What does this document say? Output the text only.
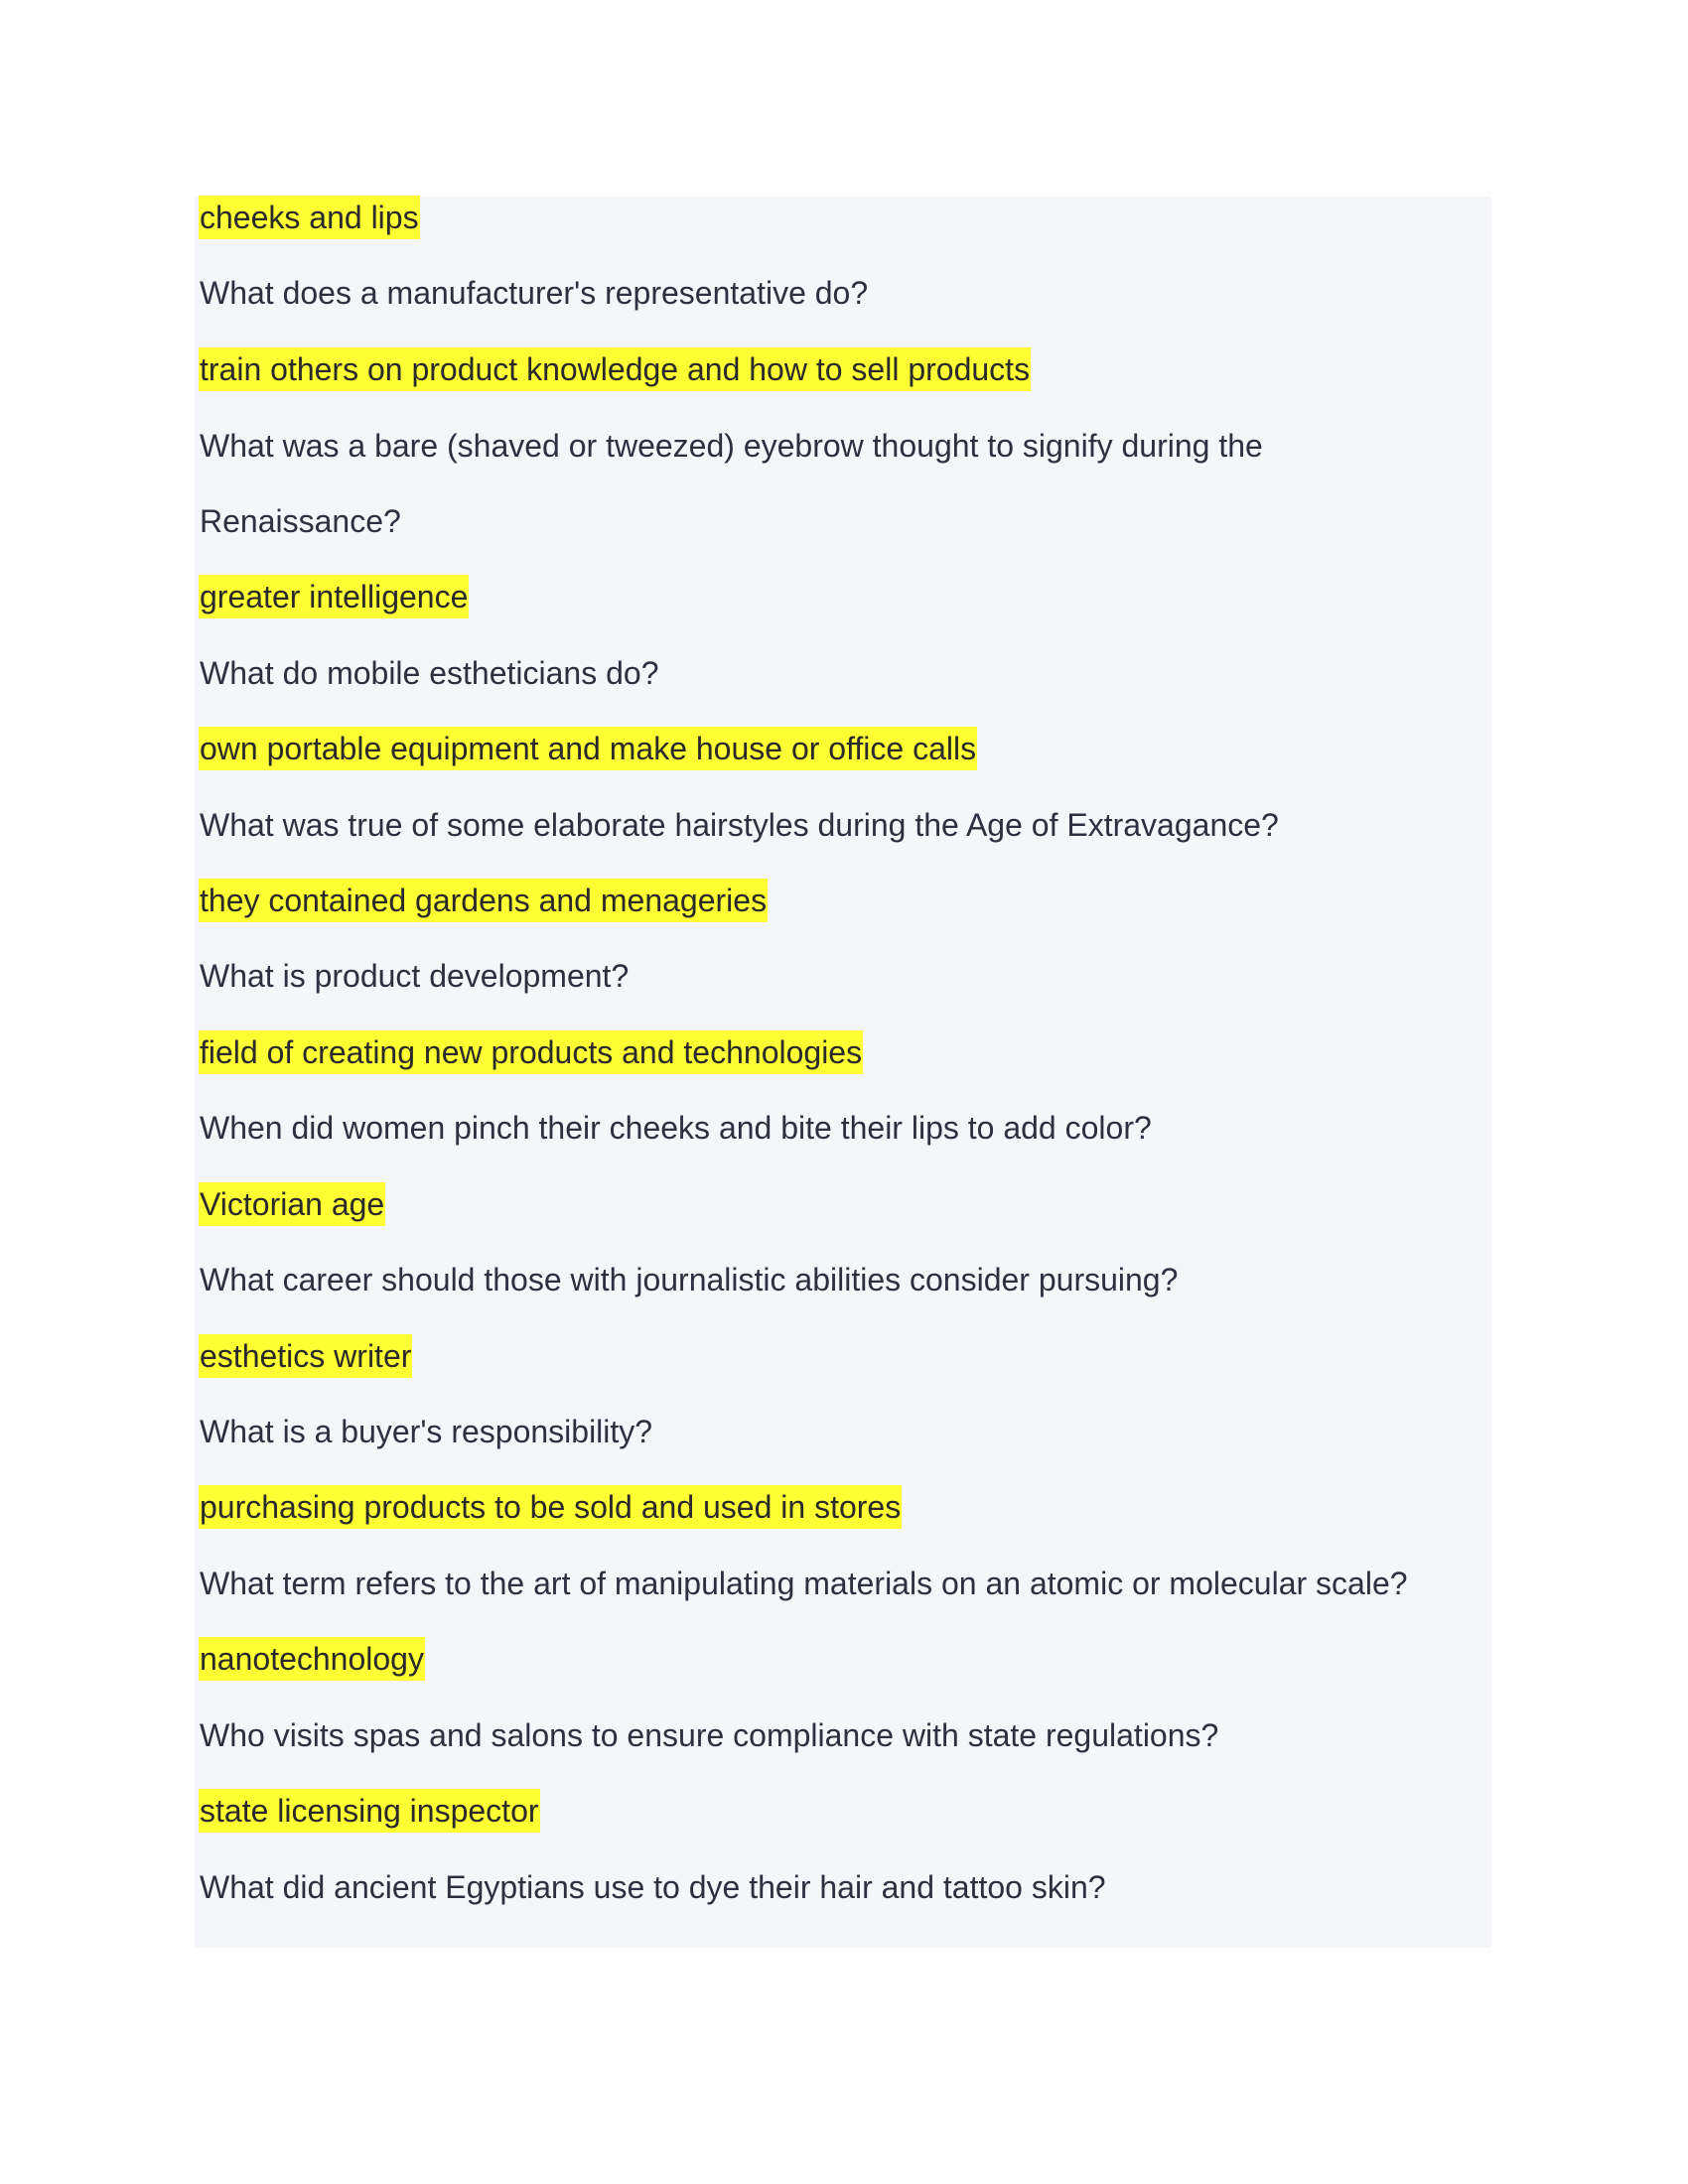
cheeks and lips
What does a manufacturer's representative do?
train others on product knowledge and how to sell products
What was a bare (shaved or tweezed) eyebrow thought to signify during the
Renaissance?
greater intelligence
What do mobile estheticians do?
own portable equipment and make house or office calls
What was true of some elaborate hairstyles during the Age of Extravagance?
they contained gardens and menageries
What is product development?
field of creating new products and technologies
When did women pinch their cheeks and bite their lips to add color?
Victorian age
What career should those with journalistic abilities consider pursuing?
esthetics writer
What is a buyer's responsibility?
purchasing products to be sold and used in stores
What term refers to the art of manipulating materials on an atomic or molecular scale?
nanotechnology
Who visits spas and salons to ensure compliance with state regulations?
state licensing inspector
What did ancient Egyptians use to dye their hair and tattoo skin?
